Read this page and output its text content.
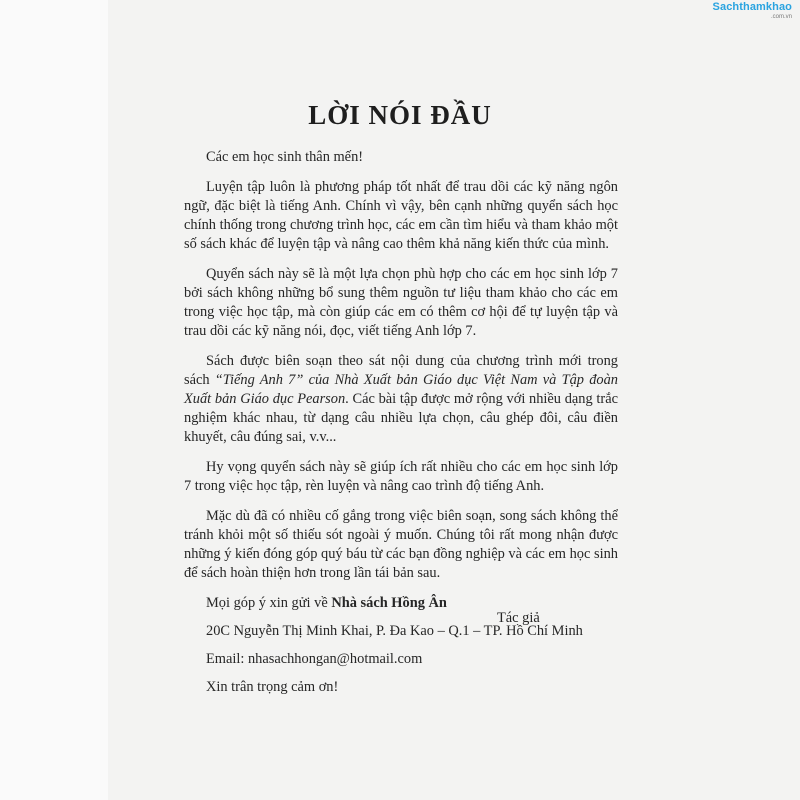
Sachthamkhao
.com.vn
LỜI NÓI ĐẦU

Các em học sinh thân mến!

Luyện tập luôn là phương pháp tốt nhất để trau dồi các kỹ năng ngôn ngữ, đặc biệt là tiếng Anh. Chính vì vậy, bên cạnh những quyển sách học chính thống trong chương trình học, các em cần tìm hiểu và tham khảo một số sách khác để luyện tập và nâng cao thêm khả năng kiến thức của mình.

Quyển sách này sẽ là một lựa chọn phù hợp cho các em học sinh lớp 7 bởi sách không những bổ sung thêm nguồn tư liệu tham khảo cho các em trong việc học tập, mà còn giúp các em có thêm cơ hội để tự luyện tập và trau dồi các kỹ năng nói, đọc, viết tiếng Anh lớp 7.

Sách được biên soạn theo sát nội dung của chương trình mới trong sách “Tiếng Anh 7” của Nhà Xuất bản Giáo dục Việt Nam và Tập đoàn Xuất bản Giáo dục Pearson. Các bài tập được mở rộng với nhiều dạng trắc nghiệm khác nhau, từ dạng câu nhiều lựa chọn, câu ghép đôi, câu điền khuyết, câu đúng sai, v.v...

Hy vọng quyển sách này sẽ giúp ích rất nhiều cho các em học sinh lớp 7 trong việc học tập, rèn luyện và nâng cao trình độ tiếng Anh.

Mặc dù đã có nhiều cố gắng trong việc biên soạn, song sách không thể tránh khỏi một số thiếu sót ngoài ý muốn. Chúng tôi rất mong nhận được những ý kiến đóng góp quý báu từ các bạn đồng nghiệp và các em học sinh để sách hoàn thiện hơn trong lần tái bản sau.

Mọi góp ý xin gửi về Nhà sách Hồng Ân

20C Nguyễn Thị Minh Khai, P. Đa Kao – Q.1 – TP. Hồ Chí Minh

Email: nhasachhongan@hotmail.com

Xin trân trọng cảm ơn!

Tác giả
